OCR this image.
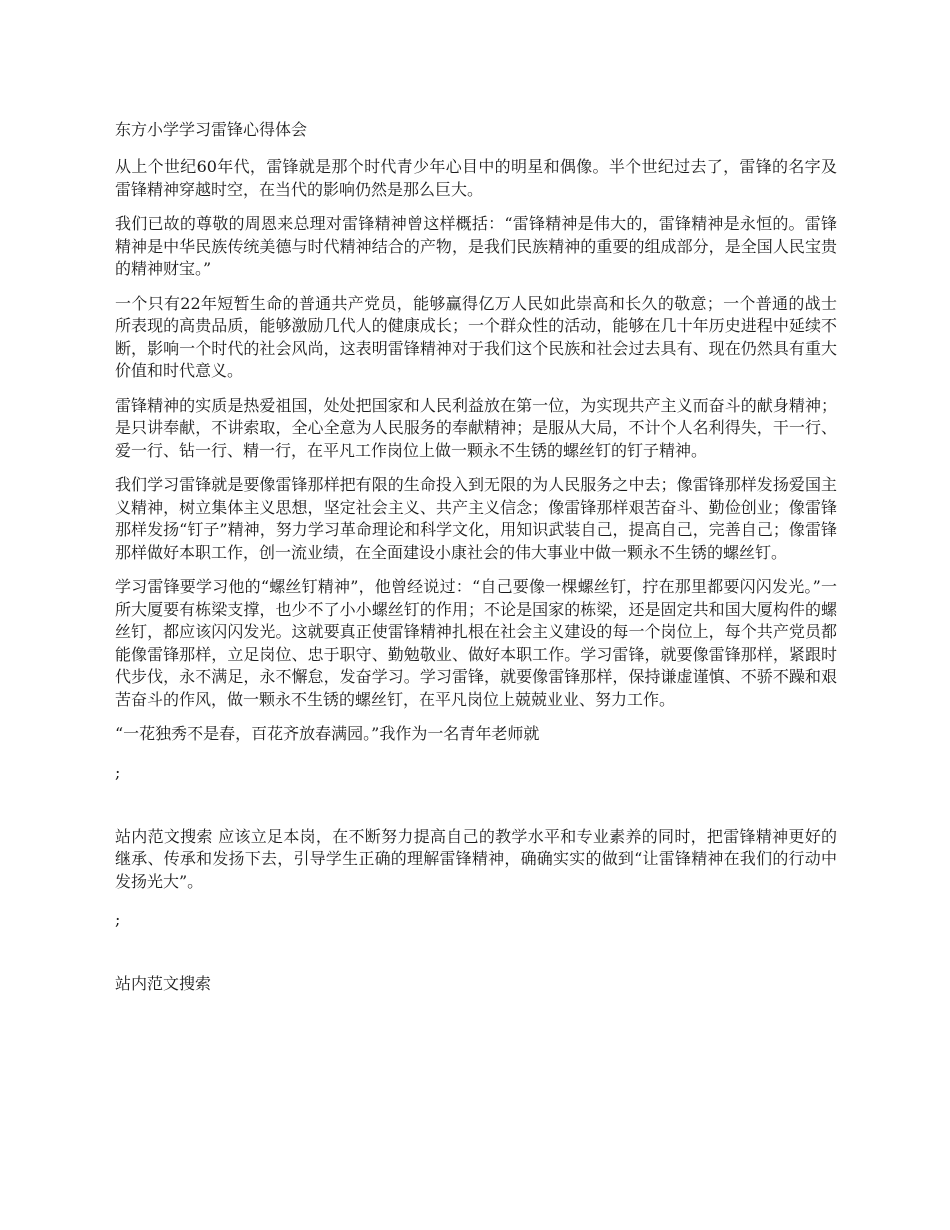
东方小学学习雷锋心得体会

从上个世纪60年代，雷锋就是那个时代青少年心目中的明星和偶像。半个世纪过去了，雷锋的名字及雷锋精神穿越时空，在当代的影响仍然是那么巨大。

我们已故的尊敬的周恩来总理对雷锋精神曾这样概括：“雷锋精神是伟大的，雷锋精神是永恒的。雷锋精神是中华民族传统美德与时代精神结合的产物，是我们民族精神的重要的组成部分，是全国人民宝贵的精神财宝。”

一个只有22年短暂生命的普通共产党员，能够赢得亿万人民如此崇高和长久的敬意；一个普通的战士所表现的高贵品质，能够激励几代人的健康成长；一个群众性的活动，能够在几十年历史进程中延续不断，影响一个时代的社会风尚，这表明雷锋精神对于我们这个民族和社会过去具有、现在仍然具有重大价值和时代意义。

雷锋精神的实质是热爱祖国，处处把国家和人民利益放在第一位，为实现共产主义而奋斗的献身精神；是只讲奉献，不讲索取，全心全意为人民服务的奉献精神；是服从大局，不计个人名利得失，干一行、爱一行、钻一行、精一行，在平凡工作岗位上做一颗永不生锈的螺丝钉的钉子精神。

我们学习雷锋就是要像雷锋那样把有限的生命投入到无限的为人民服务之中去；像雷锋那样发扬爱国主义精神，树立集体主义思想，坚定社会主义、共产主义信念；像雷锋那样艰苦奋斗、勤俭创业；像雷锋那样发扬“钉子”精神，努力学习革命理论和科学文化，用知识武装自己，提高自己，完善自己；像雷锋那样做好本职工作，创一流业绩，在全面建设小康社会的伟大事业中做一颗永不生锈的螺丝钉。

学习雷锋要学习他的“螺丝钉精神”，他曾经说过：“自己要像一棵螺丝钉，拧在那里都要闪闪发光。”一所大厦要有栋梁支撑，也少不了小小螺丝钉的作用；不论是国家的栋梁，还是固定共和国大厦构件的螺丝钉，都应该闪闪发光。这就要真正使雷锋精神扎根在社会主义建设的每一个岗位上，每个共产党员都能像雷锋那样，立足岗位、忠于职守、勤勉敬业、做好本职工作。学习雷锋，就要像雷锋那样，紧跟时代步伐，永不满足，永不懈怠，发奋学习。学习雷锋，就要像雷锋那样，保持谦虚谨慎、不骄不躁和艰苦奋斗的作风，做一颗永不生锈的螺丝钉，在平凡岗位上兢兢业业、努力工作。

“一花独秀不是春，百花齐放春满园。”我作为一名青年老师就

;

站内范文搜索 应该立足本岗，在不断努力提高自己的教学水平和专业素养的同时，把雷锋精神更好的继承、传承和发扬下去，引导学生正确的理解雷锋精神，确确实实的做到“让雷锋精神在我们的行动中发扬光大”。

;
站内范文搜索
